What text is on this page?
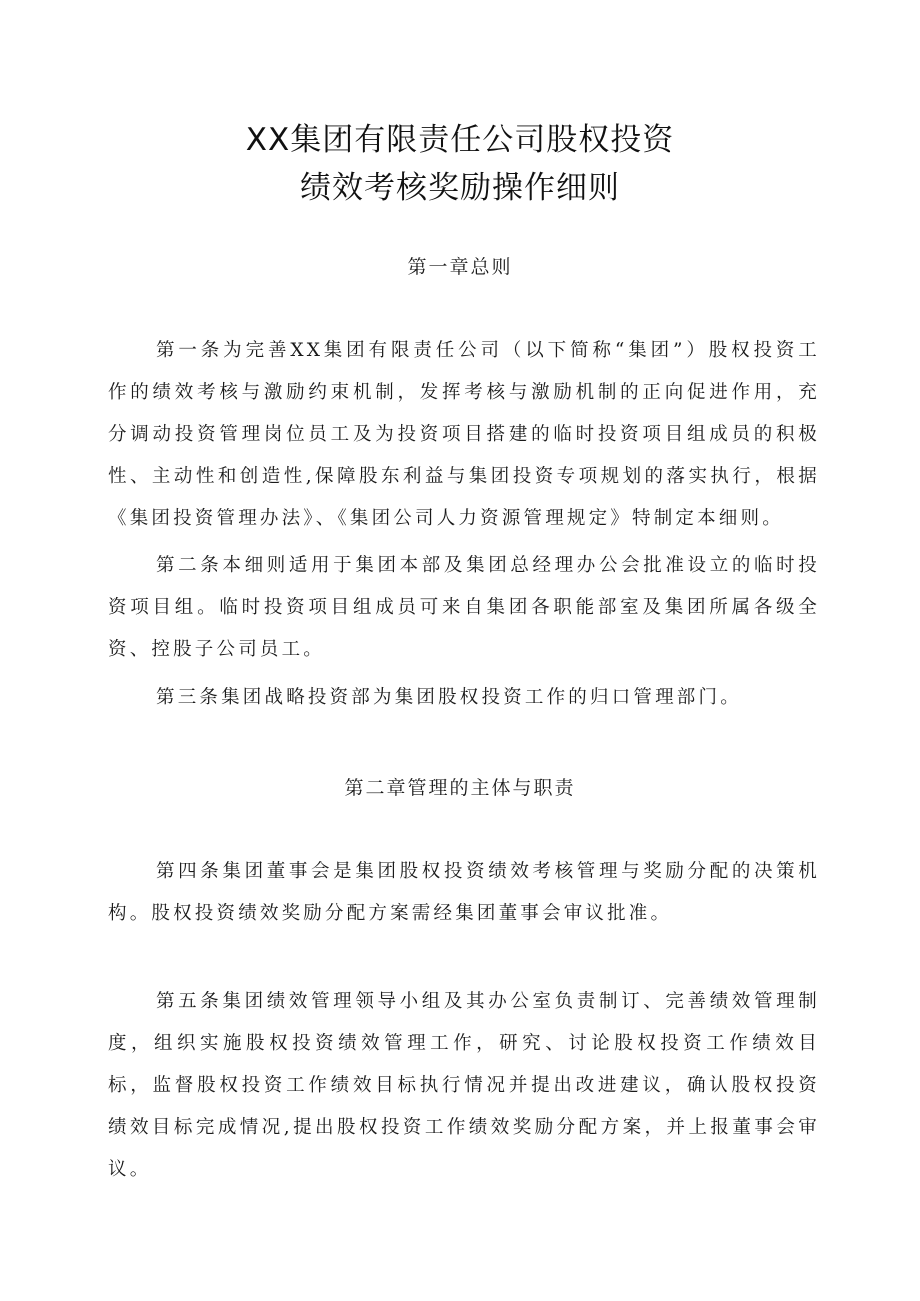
XX集团有限责任公司股权投资
绩效考核奖励操作细则
第一章总则

第一条为完善XX集团有限责任公司（以下简称“集团”）股权投资工作的绩效考核与激励约束机制，发挥考核与激励机制的正向促进作用，充分调动投资管理岗位员工及为投资项目搭建的临时投资项目组成员的积极性、主动性和创造性,保障股东利益与集团投资专项规划的落实执行，根据《集团投资管理办法》、《集团公司人力资源管理规定》特制定本细则。

第二条本细则适用于集团本部及集团总经理办公会批准设立的临时投资项目组。临时投资项目组成员可来自集团各职能部室及集团所属各级全资、控股子公司员工。

第三条集团战略投资部为集团股权投资工作的归口管理部门。

第二章管理的主体与职责

第四条集团董事会是集团股权投资绩效考核管理与奖励分配的决策机构。股权投资绩效奖励分配方案需经集团董事会审议批准。

第五条集团绩效管理领导小组及其办公室负责制订、完善绩效管理制度，组织实施股权投资绩效管理工作，研究、讨论股权投资工作绩效目标，监督股权投资工作绩效目标执行情况并提出改进建议，确认股权投资绩效目标完成情况,提出股权投资工作绩效奖励分配方案，并上报董事会审议。
